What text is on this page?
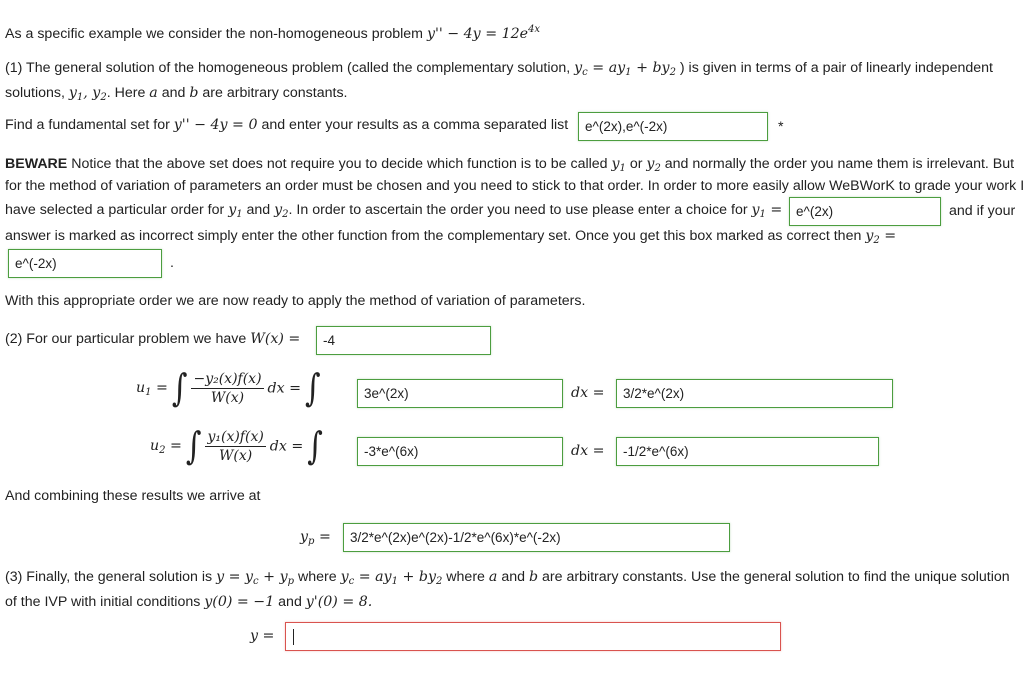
As a specific example we consider the non-homogeneous problem $y'' - 4y = 12e^{4x}$
(1) The general solution of the homogeneous problem (called the complementary solution, $y_c = ay_1 + by_2$ ) is given in terms of a pair of linearly independent
solutions, $y_1$, $y_2$. Here a and b are arbitrary constants.
Find a fundamental set for y'' − 4y = 0 and enter your results as a comma separated list	e^(2x),e^(-2x)	*
BEWARE Notice that the above set does not require you to decide which function is to be called $y_1$ or $y_2$ and normally the order you name them is irrelevant. But
for the method of variation of parameters an order must be chosen and you need to stick to that order. In order to more easily allow WeBWorK to grade your work I
have selected a particular order for $y_1$ and $y_2$. In order to ascertain the order you need to use please enter a choice for $y_1$ =	e^(2x)	and if your
answer is marked as incorrect simply enter the other function from the complementary set. Once you get this box marked as correct then $y_2$ =
e^(-2x)	.
With this appropriate order we are now ready to apply the method of variation of parameters.
(2) For our particular problem we have W(x) =	-4
$u_1$ = ∫ $\frac{\text{−y₂(x)f(x)}}{W(x)}$ dx = ∫	3e^(2x)	dx =	3/2*e^(2x)
$u_2$ = ∫ $\frac{\text{y₁(x)f(x)}}{W(x)}$ dx = ∫	-3*e^(6x)	dx =	-1/2*e^(6x)
And combining these results we arrive at
$y_p$ =	3/2*e^(2x)e^(2x)-1/2*e^(6x)*e^(-2x)
(3) Finally, the general solution is $y = y_c + y_p$ where $y_c = ay_1 + by_2$ where a and b are arbitrary constants. Use the general solution to find the unique solution
of the IVP with initial conditions y(0) = −1 and y'(0) = 8.
y =
